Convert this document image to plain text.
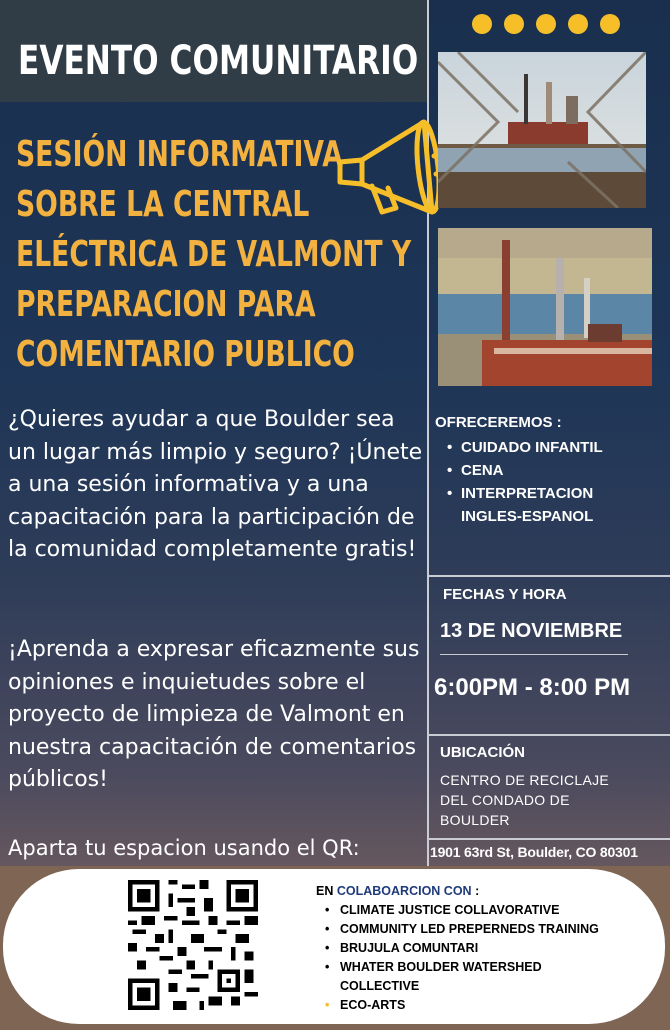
EVENTO COMUNITARIO
SESIÓN INFORMATIVA
SOBRE LA CENTRAL
ELÉCTRICA DE VALMONT Y
PREPARACION PARA
COMENTARIO PUBLICO
¿Quieres ayudar a que Boulder sea un lugar más limpio y seguro? ¡Únete a una sesión informativa y a una capacitación para la participación de la comunidad completamente gratis!
¡Aprenda a expresar eficazmente sus opiniones e inquietudes sobre el proyecto de limpieza de Valmont en nuestra capacitación de comentarios públicos!
Aparta tu espacion usando el QR:
OFRECEREMOS :
• CUIDADO INFANTIL
• CENA
• INTERPRETACION INGLES-ESPANOL
FECHAS Y HORA
13 DE NOVIEMBRE
6:00PM - 8:00 PM
UBICACIÓN
CENTRO DE RECICLAJE DEL CONDADO DE BOULDER
1901 63rd St, Boulder, CO 80301
EN COLABOARCION CON :
• CLIMATE JUSTICE COLLAVORATIVE
• COMMUNITY LED PREPERNEDS TRAINING
• BRUJULA COMUNTARI
• WHATER BOULDER WATERSHED COLLECTIVE
• ECO-ARTS
